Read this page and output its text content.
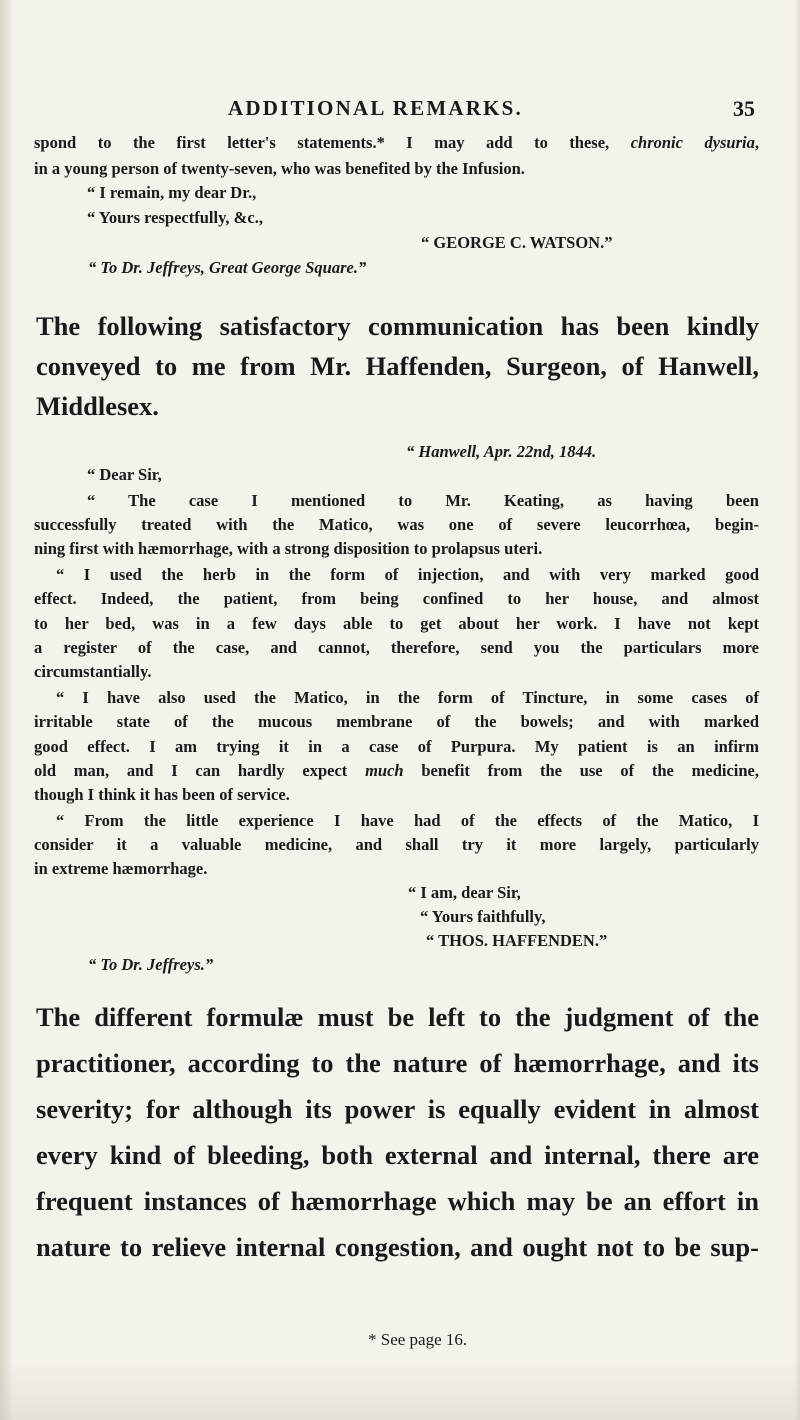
ADDITIONAL REMARKS.	35
spond to the first letter's statements.* I may add to these, chronic dysuria,
in a young person of twenty-seven, who was benefited by the Infusion.
“ I remain, my dear Dr.,
“ Yours respectfully, &c.,
“ GEORGE C. WATSON.”
“ To Dr. Jeffreys, Great George Square.”
The following satisfactory communication has been kindly
conveyed to me from Mr. Haffenden, Surgeon, of Hanwell,
Middlesex.
“ Hanwell, Apr. 22nd, 1844.
“ Dear Sir,
“ The case I mentioned to Mr. Keating, as having been
successfully treated with the Matico, was one of severe leucorrhœa, begin-
ning first with hæmorrhage, with a strong disposition to prolapsus uteri.
“ I used the herb in the form of injection, and with very marked good
effect. Indeed, the patient, from being confined to her house, and almost
to her bed, was in a few days able to get about her work. I have not kept
a register of the case, and cannot, therefore, send you the particulars more
circumstantially.
“ I have also used the Matico, in the form of Tincture, in some cases of
irritable state of the mucous membrane of the bowels; and with marked
good effect. I am trying it in a case of Purpura. My patient is an infirm
old man, and I can hardly expect much benefit from the use of the medicine,
though I think it has been of service.
“ From the little experience I have had of the effects of the Matico, I
consider it a valuable medicine, and shall try it more largely, particularly
in extreme hæmorrhage.
“ I am, dear Sir,
“ Yours faithfully,
“ THOS. HAFFENDEN.”
“ To Dr. Jeffreys.”
The different formulæ must be left to the judgment of the
practitioner, according to the nature of hæmorrhage, and its
severity; for although its power is equally evident in almost
every kind of bleeding, both external and internal, there are
frequent instances of hæmorrhage which may be an effort in
nature to relieve internal congestion, and ought not to be sup-
* See page 16.
